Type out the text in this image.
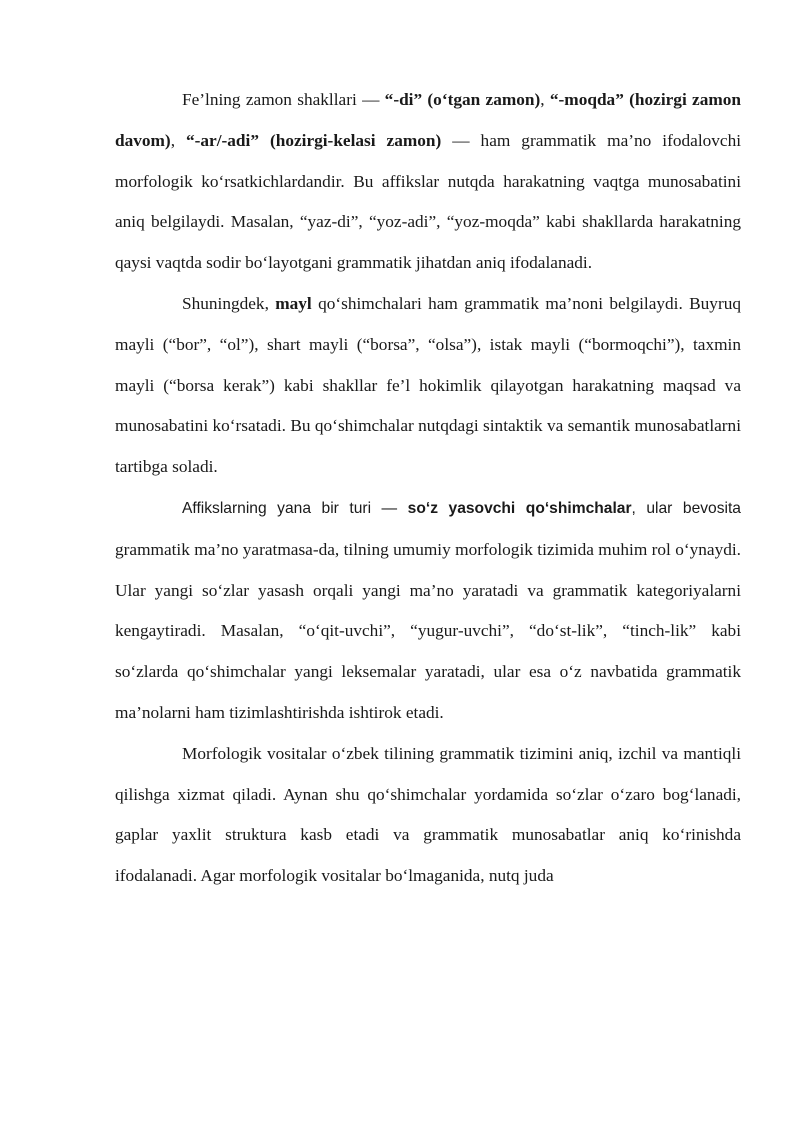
Fe’lning zamon shakllari — “-di” (o‘tgan zamon), “-moqda” (hozirgi zamon davom), “-ar/-adi” (hozirgi-kelasi zamon) — ham grammatik ma’no ifodalovchi morfologik ko‘rsatkichlardandir. Bu affikslar nutqda harakatning vaqtga munosabatini aniq belgilaydi. Masalan, “yaz-di”, “yoz-adi”, “yoz-moqda” kabi shakllarda harakatning qaysi vaqtda sodir bo‘layotgani grammatik jihatdan aniq ifodalanadi.

Shuningdek, mayl qo‘shimchalari ham grammatik ma’noni belgilaydi. Buyruq mayli (“bor”, “ol”), shart mayli (“borsa”, “olsa”), istak mayli (“bormoqchi”), taxmin mayli (“borsa kerak”) kabi shakllar fe’l hokimlik qilayotgan harakatning maqsad va munosabatini ko‘rsatadi. Bu qo‘shimchalar nutqdagi sintaktik va semantik munosabatlarni tartibga soladi.

Affikslarning yana bir turi — so‘z yasovchi qo‘shimchalar, ular bevosita grammatik ma’no yaratmasa-da, tilning umumiy morfologik tizimida muhim rol o‘ynaydi. Ular yangi so‘zlar yasash orqali yangi ma’no yaratadi va grammatik kategoriyalarni kengaytiradi. Masalan, “o‘qit-uvchi”, “yugur-uvchi”, “do‘st-lik”, “tinch-lik” kabi so‘zlarda qo‘shimchalar yangi leksemalar yaratadi, ular esa o‘z navbatida grammatik ma’nolarni ham tizimlashtirishda ishtirok etadi.

Morfologik vositalar o‘zbek tilining grammatik tizimini aniq, izchil va mantiqli qilishga xizmat qiladi. Aynan shu qo‘shimchalar yordamida so‘zlar o‘zaro bog‘lanadi, gaplar yaxlit struktura kasb etadi va grammatik munosabatlar aniq ko‘rinishda ifodalanadi. Agar morfologik vositalar bo‘lmaganida, nutq juda
